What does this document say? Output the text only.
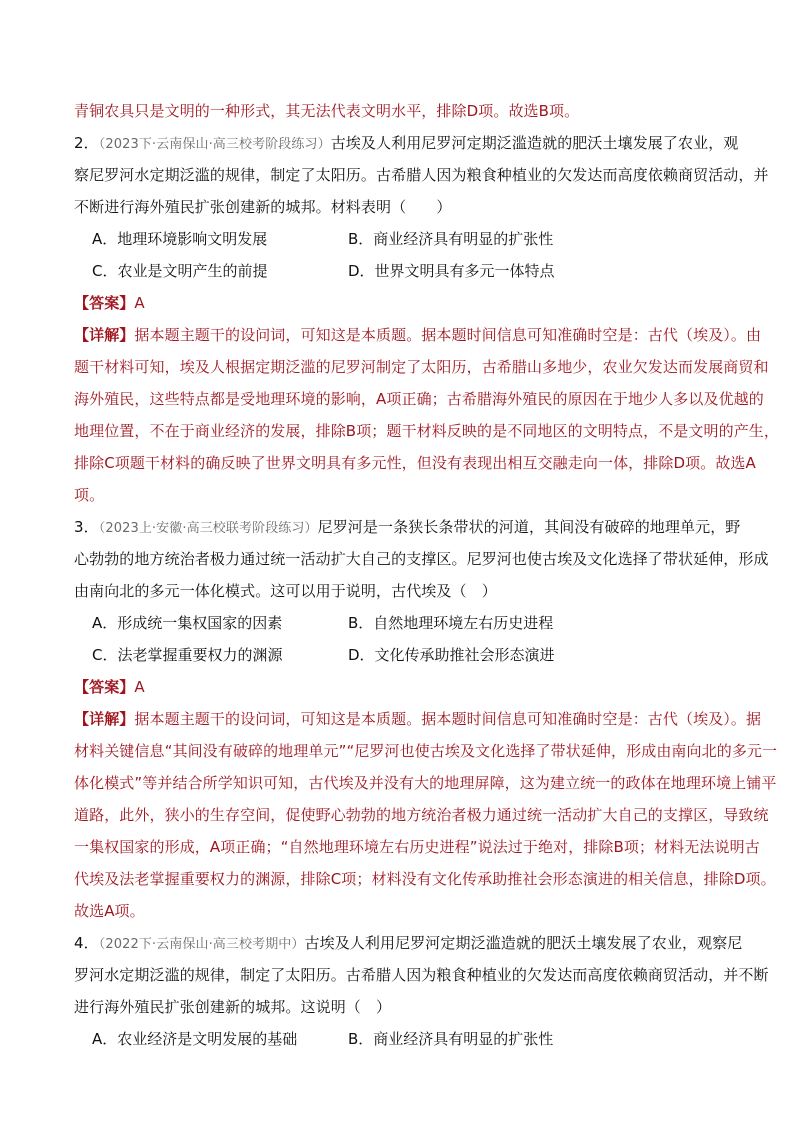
青铜农具只是文明的一种形式，其无法代表文明水平，排除D项。故选B项。
2．（2023下·云南保山·高三校考阶段练习）古埃及人利用尼罗河定期泛滥造就的肥沃土壤发展了农业，观
察尼罗河水定期泛滥的规律，制定了太阳历。古希腊人因为粮食种植业的欠发达而高度依赖商贸活动，并
不断进行海外殖民扩张创建新的城邦。材料表明（　　）
A．地理环境影响文明发展	B．商业经济具有明显的扩张性
C．农业是文明产生的前提	D．世界文明具有多元一体特点
【答案】A
【详解】据本题主题干的设问词，可知这是本质题。据本题时间信息可知准确时空是：古代（埃及）。由
题干材料可知，埃及人根据定期泛滥的尼罗河制定了太阳历，古希腊山多地少，农业欠发达而发展商贸和
海外殖民，这些特点都是受地理环境的影响，A项正确；古希腊海外殖民的原因在于地少人多以及优越的
地理位置，不在于商业经济的发展，排除B项；题干材料反映的是不同地区的文明特点，不是文明的产生，
排除C项题干材料的确反映了世界文明具有多元性，但没有表现出相互交融走向一体，排除D项。故选A
项。
3．（2023上·安徽·高三校联考阶段练习）尼罗河是一条狭长条带状的河道，其间没有破碎的地理单元，野
心勃勃的地方统治者极力通过统一活动扩大自己的支撑区。尼罗河也使古埃及文化选择了带状延伸，形成
由南向北的多元一体化模式。这可以用于说明，古代埃及（　）
A．形成统一集权国家的因素	B．自然地理环境左右历史进程
C．法老掌握重要权力的渊源	D．文化传承助推社会形态演进
【答案】A
【详解】据本题主题干的设问词，可知这是本质题。据本题时间信息可知准确时空是：古代（埃及）。据
材料关键信息“其间没有破碎的地理单元”“尼罗河也使古埃及文化选择了带状延伸，形成由南向北的多元一
体化模式”等并结合所学知识可知，古代埃及并没有大的地理屏障，这为建立统一的政体在地理环境上铺平
道路，此外，狭小的生存空间，促使野心勃勃的地方统治者极力通过统一活动扩大自己的支撑区，导致统
一集权国家的形成，A项正确；“自然地理环境左右历史进程”说法过于绝对，排除B项；材料无法说明古
代埃及法老掌握重要权力的渊源，排除C项；材料没有文化传承助推社会形态演进的相关信息，排除D项。
故选A项。
4．（2022下·云南保山·高三校考期中）古埃及人利用尼罗河定期泛滥造就的肥沃土壤发展了农业，观察尼
罗河水定期泛滥的规律，制定了太阳历。古希腊人因为粮食种植业的欠发达而高度依赖商贸活动，并不断
进行海外殖民扩张创建新的城邦。这说明（　）
A．农业经济是文明发展的基础	B．商业经济具有明显的扩张性
